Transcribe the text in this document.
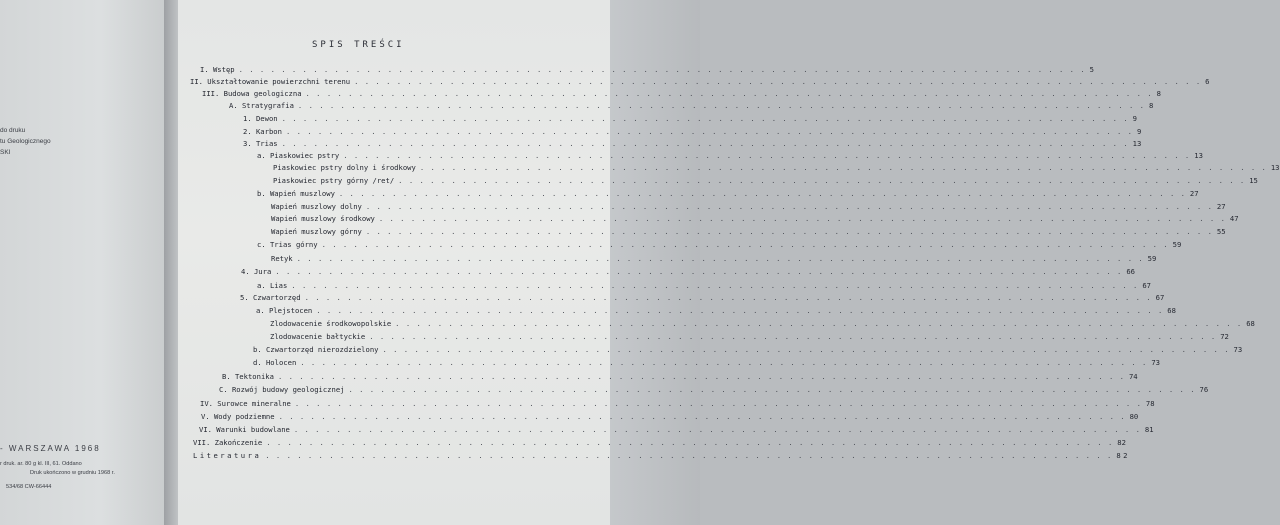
do druku
tu Geologicznego
SKI
- WARSZAWA 1968
r druk. ar. 80 g kl. III, 61. Oddano
Druk ukończono w grudniu 1968 r.
534/68 CW-66444
SPIS TREŚCI
I. Wstęp . . . . . . . . . . . . . . . . . . . . . . . . . . . . . . . . . . . . . . . . . . . . . . . . . . . . . . . . . . . . . . . . . . . . . . . . . . . . . . . . 5
II. Ukształtowanie powierzchni terenu . . . . . . . . . . . . . . . . . . . . . . . . . . . . . . . . . . . . . . . . . . . . . . . . . . . . . . . . . . . . . . . . . . . . . . . . . . . . . . . . 6
III. Budowa geologiczna . . . . . . . . . . . . . . . . . . . . . . . . . . . . . . . . . . . . . . . . . . . . . . . . . . . . . . . . . . . . . . . . . . . . . . . . . . . . . . . . 8
A. Stratygrafia . . . . . . . . . . . . . . . . . . . . . . . . . . . . . . . . . . . . . . . . . . . . . . . . . . . . . . . . . . . . . . . . . . . . . . . . . . . . . . . . 8
1. Dewon . . . . . . . . . . . . . . . . . . . . . . . . . . . . . . . . . . . . . . . . . . . . . . . . . . . . . . . . . . . . . . . . . . . . . . . . . . . . . . . . 9
2. Karbon . . . . . . . . . . . . . . . . . . . . . . . . . . . . . . . . . . . . . . . . . . . . . . . . . . . . . . . . . . . . . . . . . . . . . . . . . . . . . . . . 9
3. Trias . . . . . . . . . . . . . . . . . . . . . . . . . . . . . . . . . . . . . . . . . . . . . . . . . . . . . . . . . . . . . . . . . . . . . . . . . . . . . . . . 13
a. Piaskowiec pstry . . . . . . . . . . . . . . . . . . . . . . . . . . . . . . . . . . . . . . . . . . . . . . . . . . . . . . . . . . . . . . . . . . . . . . . . . . . . . . . . 13
Piaskowiec pstry dolny i środkowy . . . . . . . . . . . . . . . . . . . . . . . . . . . . . . . . . . . . . . . . . . . . . . . . . . . . . . . . . . . . . . . . . . . . . . . . . . . . . . . . 13
Piaskowiec pstry górny /ret/ . . . . . . . . . . . . . . . . . . . . . . . . . . . . . . . . . . . . . . . . . . . . . . . . . . . . . . . . . . . . . . . . . . . . . . . . . . . . . . . . 15
b. Wapień muszlowy . . . . . . . . . . . . . . . . . . . . . . . . . . . . . . . . . . . . . . . . . . . . . . . . . . . . . . . . . . . . . . . . . . . . . . . . . . . . . . . . 27
Wapień muszlowy dolny . . . . . . . . . . . . . . . . . . . . . . . . . . . . . . . . . . . . . . . . . . . . . . . . . . . . . . . . . . . . . . . . . . . . . . . . . . . . . . . . 27
Wapień muszlowy środkowy . . . . . . . . . . . . . . . . . . . . . . . . . . . . . . . . . . . . . . . . . . . . . . . . . . . . . . . . . . . . . . . . . . . . . . . . . . . . . . . . 47
Wapień muszlowy górny . . . . . . . . . . . . . . . . . . . . . . . . . . . . . . . . . . . . . . . . . . . . . . . . . . . . . . . . . . . . . . . . . . . . . . . . . . . . . . . . 55
c. Trias górny . . . . . . . . . . . . . . . . . . . . . . . . . . . . . . . . . . . . . . . . . . . . . . . . . . . . . . . . . . . . . . . . . . . . . . . . . . . . . . . . 59
Retyk . . . . . . . . . . . . . . . . . . . . . . . . . . . . . . . . . . . . . . . . . . . . . . . . . . . . . . . . . . . . . . . . . . . . . . . . . . . . . . . . 59
4. Jura . . . . . . . . . . . . . . . . . . . . . . . . . . . . . . . . . . . . . . . . . . . . . . . . . . . . . . . . . . . . . . . . . . . . . . . . . . . . . . . . 66
a. Lias . . . . . . . . . . . . . . . . . . . . . . . . . . . . . . . . . . . . . . . . . . . . . . . . . . . . . . . . . . . . . . . . . . . . . . . . . . . . . . . . 67
5. Czwartorzęd . . . . . . . . . . . . . . . . . . . . . . . . . . . . . . . . . . . . . . . . . . . . . . . . . . . . . . . . . . . . . . . . . . . . . . . . . . . . . . . . 67
a. Plejstocen . . . . . . . . . . . . . . . . . . . . . . . . . . . . . . . . . . . . . . . . . . . . . . . . . . . . . . . . . . . . . . . . . . . . . . . . . . . . . . . . 68
Zlodowacenie środkowopolskie . . . . . . . . . . . . . . . . . . . . . . . . . . . . . . . . . . . . . . . . . . . . . . . . . . . . . . . . . . . . . . . . . . . . . . . . . . . . . . . . 68
Zlodowacenie bałtyckie . . . . . . . . . . . . . . . . . . . . . . . . . . . . . . . . . . . . . . . . . . . . . . . . . . . . . . . . . . . . . . . . . . . . . . . . . . . . . . . . 72
b. Czwartorzęd nierozdzielony . . . . . . . . . . . . . . . . . . . . . . . . . . . . . . . . . . . . . . . . . . . . . . . . . . . . . . . . . . . . . . . . . . . . . . . . . . . . . . . . 73
d. Holocen . . . . . . . . . . . . . . . . . . . . . . . . . . . . . . . . . . . . . . . . . . . . . . . . . . . . . . . . . . . . . . . . . . . . . . . . . . . . . . . . 73
B. Tektonika . . . . . . . . . . . . . . . . . . . . . . . . . . . . . . . . . . . . . . . . . . . . . . . . . . . . . . . . . . . . . . . . . . . . . . . . . . . . . . . . 74
C. Rozwój budowy geologicznej . . . . . . . . . . . . . . . . . . . . . . . . . . . . . . . . . . . . . . . . . . . . . . . . . . . . . . . . . . . . . . . . . . . . . . . . . . . . . . . . 76
IV. Surowce mineralne . . . . . . . . . . . . . . . . . . . . . . . . . . . . . . . . . . . . . . . . . . . . . . . . . . . . . . . . . . . . . . . . . . . . . . . . . . . . . . . . 78
V. Wody podziemne . . . . . . . . . . . . . . . . . . . . . . . . . . . . . . . . . . . . . . . . . . . . . . . . . . . . . . . . . . . . . . . . . . . . . . . . . . . . . . . . 80
VI. Warunki budowlane . . . . . . . . . . . . . . . . . . . . . . . . . . . . . . . . . . . . . . . . . . . . . . . . . . . . . . . . . . . . . . . . . . . . . . . . . . . . . . . . 81
VII. Zakończenie . . . . . . . . . . . . . . . . . . . . . . . . . . . . . . . . . . . . . . . . . . . . . . . . . . . . . . . . . . . . . . . . . . . . . . . . . . . . . . . . 82
Literatura . . . . . . . . . . . . . . . . . . . . . . . . . . . . . . . . . . . . . . . . . . . . . . . . . . . . . . . . . . . . . . . . . . . . . . . . . . . . . . . . 82
